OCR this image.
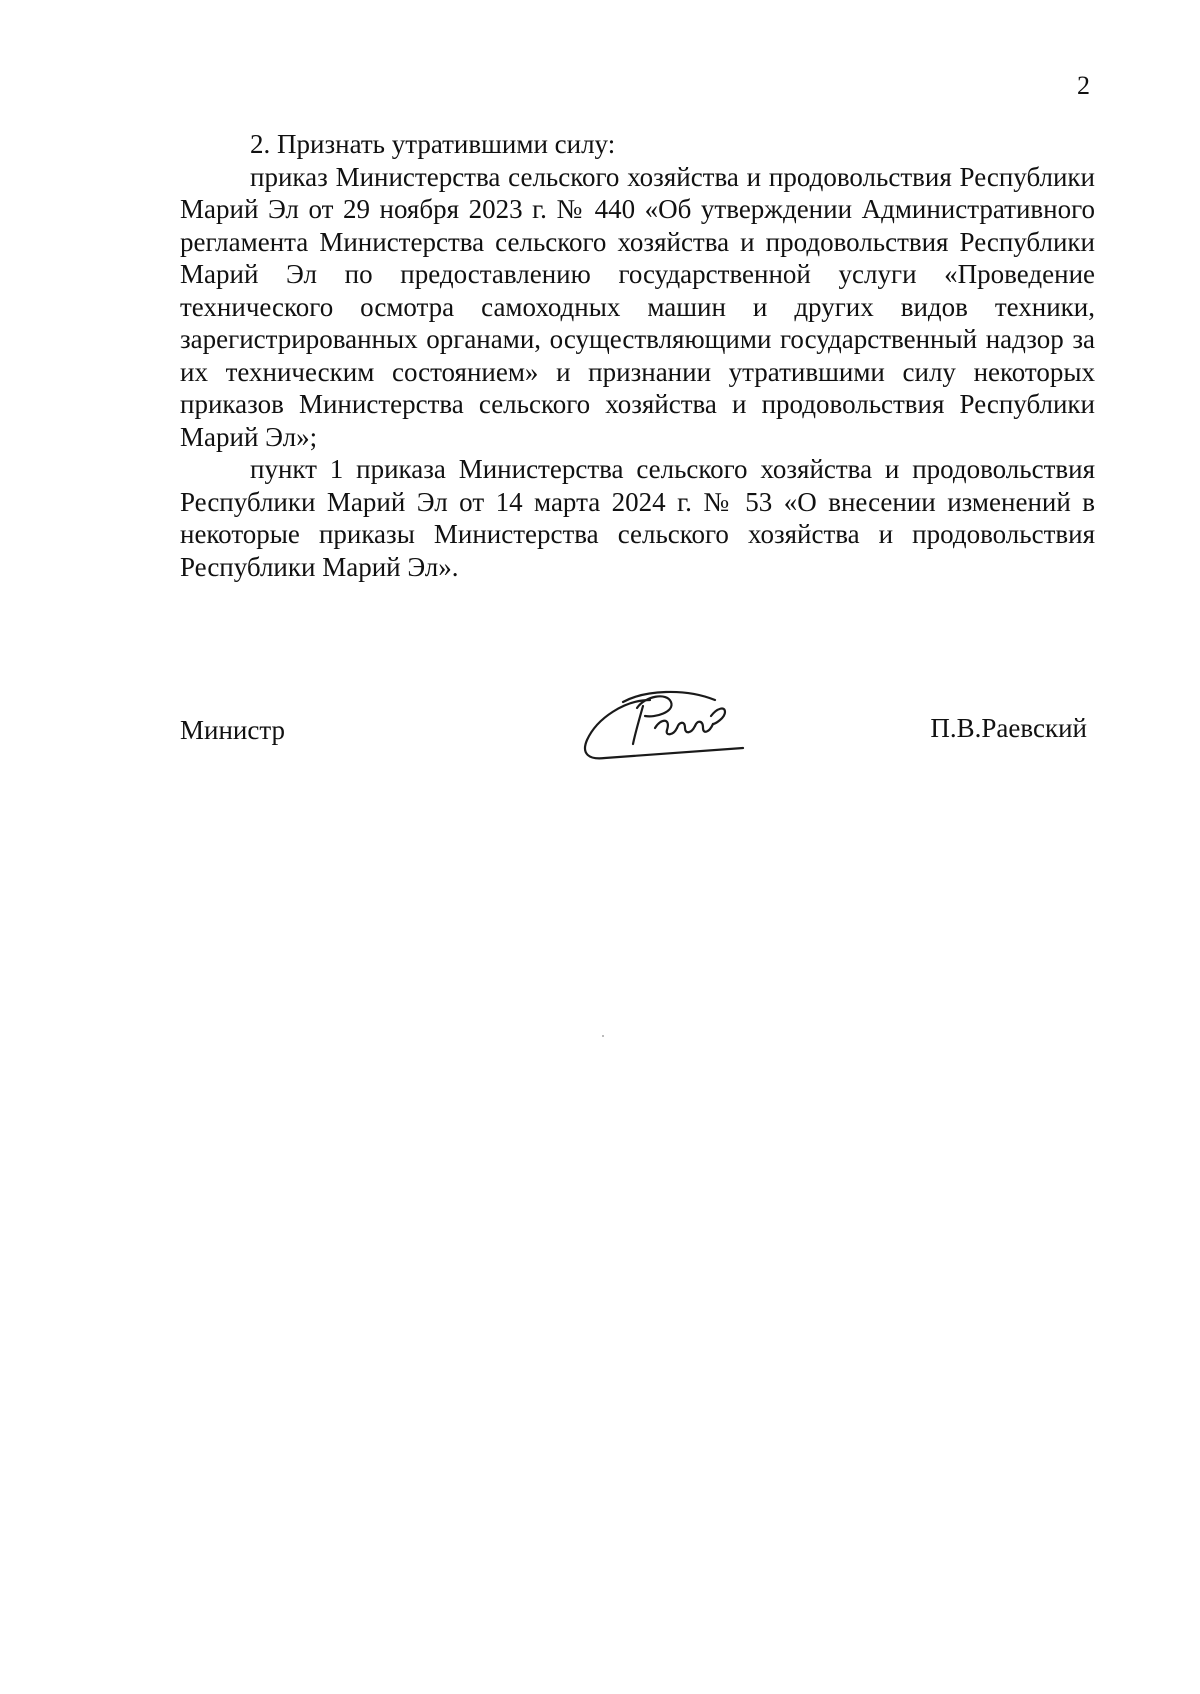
2

2. Признать утратившими силу:

приказ Министерства сельского хозяйства и продовольствия Республики Марий Эл от 29 ноября 2023 г. № 440 «Об утверждении Административного регламента Министерства сельского хозяйства и продовольствия Республики Марий Эл по предоставлению государственной услуги «Проведение технического осмотра самоходных машин и других видов техники, зарегистрированных органами, осуществляющими государственный надзор за их техническим состоянием» и признании утратившими силу некоторых приказов Министерства сельского хозяйства и продовольствия Республики Марий Эл»;

пункт 1 приказа Министерства сельского хозяйства и продовольствия Республики Марий Эл от 14 марта 2024 г. № 53 «О внесении изменений в некоторые приказы Министерства сельского хозяйства и продовольствия Республики Марий Эл».

Министр	П.В.Раевский
